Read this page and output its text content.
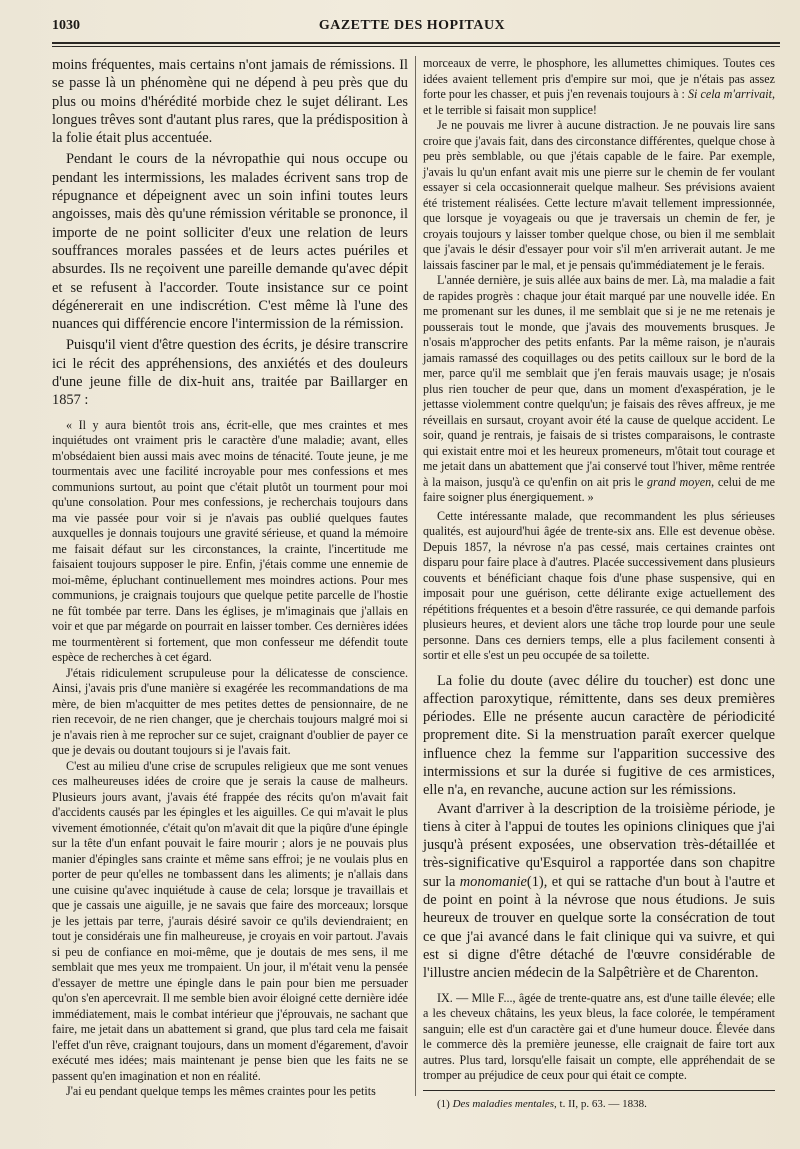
1030	GAZETTE DES HOPITAUX

moins fréquentes, mais certains n'ont jamais de rémissions. Il se passe là un phénomène qui ne dépend à peu près que du plus ou moins d'hérédité morbide chez le sujet délirant. Les longues trêves sont d'autant plus rares, que la prédisposition à la folie était plus accentuée.

Pendant le cours de la névropathie qui nous occupe ou pendant les intermissions, les malades écrivent sans trop de répugnance et dépeignent avec un soin infini toutes leurs angoisses, mais dès qu'une rémission véritable se prononce, il importe de ne point solliciter d'eux une relation de leurs souffrances morales passées et de leurs actes puériles et absurdes. Ils ne reçoivent une pareille demande qu'avec dépit et se refusent à l'accorder. Toute insistance sur ce point dégénererait en une indiscrétion. C'est même là l'une des nuances qui différencie encore l'intermission de la rémission.

Puisqu'il vient d'être question des écrits, je désire transcrire ici le récit des appréhensions, des anxiétés et des douleurs d'une jeune fille de dix-huit ans, traitée par Baillarger en 1857 :

« Il y aura bientôt trois ans, écrit-elle, que mes craintes et mes inquiétudes ont vraiment pris le caractère d'une maladie; avant, elles m'obsédaient bien aussi mais avec moins de ténacité. Toute jeune, je me tourmentais avec une facilité incroyable pour mes confessions et mes communions surtout, au point que c'était plutôt un tourment pour moi qu'une consolation. Pour mes confessions, je recherchais toujours dans ma vie passée pour voir si je n'avais pas oublié quelques fautes auxquelles je donnais toujours une gravité sérieuse, et quand la mémoire me faisait défaut sur les circonstances, la crainte, l'incertitude me faisaient toujours supposer le pire. Enfin, j'étais comme une ennemie de moi-même, épluchant continuellement mes moindres actions. Pour mes communions, je craignais toujours que quelque petite parcelle de l'hostie ne fût tombée par terre. Dans les églises, je m'imaginais que j'allais en voir et que par mégarde on pourrait en laisser tomber. Ces dernières idées me tourmentèrent si fortement, que mon confesseur me défendit toute espèce de recherches à cet égard.

J'étais ridiculement scrupuleuse pour la délicatesse de conscience. Ainsi, j'avais pris d'une manière si exagérée les recommandations de ma mère, de bien m'acquitter de mes petites dettes de pensionnaire, de ne rien recevoir, de ne rien changer, que je cherchais toujours malgré moi si je n'avais rien à me reprocher sur ce sujet, craignant d'oublier de payer ce que je devais ou doutant toujours si je l'avais fait.

C'est au milieu d'une crise de scrupules religieux que me sont venues ces malheureuses idées de croire que je serais la cause de malheurs. Plusieurs jours avant, j'avais été frappée des récits qu'on m'avait fait d'accidents causés par les épingles et les aiguilles. Ce qui m'avait le plus vivement émotionnée, c'était qu'on m'avait dit que la piqûre d'une épingle sur la tête d'un enfant pouvait le faire mourir ; alors je ne pouvais plus manier d'épingles sans crainte et même sans effroi; je ne voulais plus en porter de peur qu'elles ne tombassent dans les aliments; je n'allais dans une cuisine qu'avec inquiétude à cause de cela; lorsque je travaillais et que je cassais une aiguille, je ne savais que faire des morceaux; lorsque je les jettais par terre, j'aurais désiré savoir ce qu'ils deviendraient; en tout je considérais une fin malheureuse, je croyais en voir partout. J'avais si peu de confiance en moi-même, que je doutais de mes sens, il me semblait que mes yeux me trompaient. Un jour, il m'était venu la pensée d'essayer de mettre une épingle dans le pain pour bien me persuader qu'on s'en apercevrait. Il me semble bien avoir éloigné cette dernière idée immédiatement, mais le combat intérieur que j'éprouvais, ne sachant que faire, me jetait dans un abattement si grand, que plus tard cela me faisait l'effet d'un rêve, craignant toujours, dans un moment d'égarement, d'avoir exécuté mes idées; mais maintenant je pense bien que les faits ne se passent qu'en imagination et non en réalité.

J'ai eu pendant quelque temps les mêmes craintes pour les petits

morceaux de verre, le phosphore, les allumettes chimiques. Toutes ces idées avaient tellement pris d'empire sur moi, que je n'étais pas assez forte pour les chasser, et puis j'en revenais toujours à : Si cela m'arrivait, et le terrible si faisait mon supplice!

Je ne pouvais me livrer à aucune distraction. Je ne pouvais lire sans croire que j'avais fait, dans des circonstance différentes, quelque chose à peu près semblable, ou que j'étais capable de le faire. Par exemple, j'avais lu qu'un enfant avait mis une pierre sur le chemin de fer voulant essayer si cela occasionnerait quelque malheur. Ses prévisions avaient été tristement réalisées. Cette lecture m'avait tellement impressionnée, que lorsque je voyageais ou que je traversais un chemin de fer, je croyais toujours y laisser tomber quelque chose, ou bien il me semblait que j'avais le désir d'essayer pour voir s'il m'en arriverait autant. Je me laissais fasciner par le mal, et je pensais qu'immédiatement je le ferais.

L'année dernière, je suis allée aux bains de mer. Là, ma maladie a fait de rapides progrès : chaque jour était marqué par une nouvelle idée. En me promenant sur les dunes, il me semblait que si je ne me retenais je pousserais tout le monde, que j'avais des mouvements brusques. Je n'osais m'approcher des petits enfants. Par la même raison, je n'aurais jamais ramassé des coquillages ou des petits cailloux sur le bord de la mer, parce qu'il me semblait que j'en ferais mauvais usage; je n'osais plus rien toucher de peur que, dans un moment d'exaspération, je le jettasse violemment contre quelqu'un; je faisais des rêves affreux, je me réveillais en sursaut, croyant avoir été la cause de quelque accident. Le soir, quand je rentrais, je faisais de si tristes comparaisons, le contraste qui existait entre moi et les heureux promeneurs, m'ôtait tout courage et me jetait dans un abattement que j'ai conservé tout l'hiver, même rentrée à la maison, jusqu'à ce qu'enfin on ait pris le grand moyen, celui de me faire soigner plus énergiquement. »

Cette intéressante malade, que recommandent les plus sérieuses qualités, est aujourd'hui âgée de trente-six ans. Elle est devenue obèse. Depuis 1857, la névrose n'a pas cessé, mais certaines craintes ont disparu pour faire place à d'autres. Placée successivement dans plusieurs couvents et bénéficiant chaque fois d'une phase suspensive, qui en imposait pour une guérison, cette délirante exige actuellement des répétitions fréquentes et a besoin d'être rassurée, ce qui demande parfois plusieurs heures, et devient alors une tâche trop lourde pour une seule personne. Dans ces derniers temps, elle a plus facilement consenti à sortir et elle s'est un peu occupée de sa toilette.

La folie du doute (avec délire du toucher) est donc une affection paroxytique, rémittente, dans ses deux premières périodes. Elle ne présente aucun caractère de périodicité proprement dite. Si la menstruation paraît exercer quelque influence chez la femme sur l'apparition successive des intermissions et sur la durée si fugitive de ces armistices, elle n'a, en revanche, aucune action sur les rémissions.

Avant d'arriver à la description de la troisième période, je tiens à citer à l'appui de toutes les opinions cliniques que j'ai jusqu'à présent exposées, une observation très-détaillée et très-significative qu'Esquirol a rapportée dans son chapitre sur la monomanie(1), et qui se rattache d'un bout à l'autre et de point en point à la névrose que nous étudions. Je suis heureux de trouver en quelque sorte la consécration de tout ce que j'ai avancé dans le fait clinique qui va suivre, et qui est si digne d'être détaché de l'œuvre considérable de l'illustre ancien médecin de la Salpêtrière et de Charenton.

IX. — Mlle F..., âgée de trente-quatre ans, est d'une taille élevée; elle a les cheveux châtains, les yeux bleus, la face colorée, le tempérament sanguin; elle est d'un caractère gai et d'une humeur douce. Élevée dans le commerce dès la première jeunesse, elle craignait de faire tort aux autres. Plus tard, lorsqu'elle faisait un compte, elle appréhendait de se tromper au préjudice de ceux pour qui était ce compte.

(1) Des maladies mentales, t. II, p. 63. — 1838.
